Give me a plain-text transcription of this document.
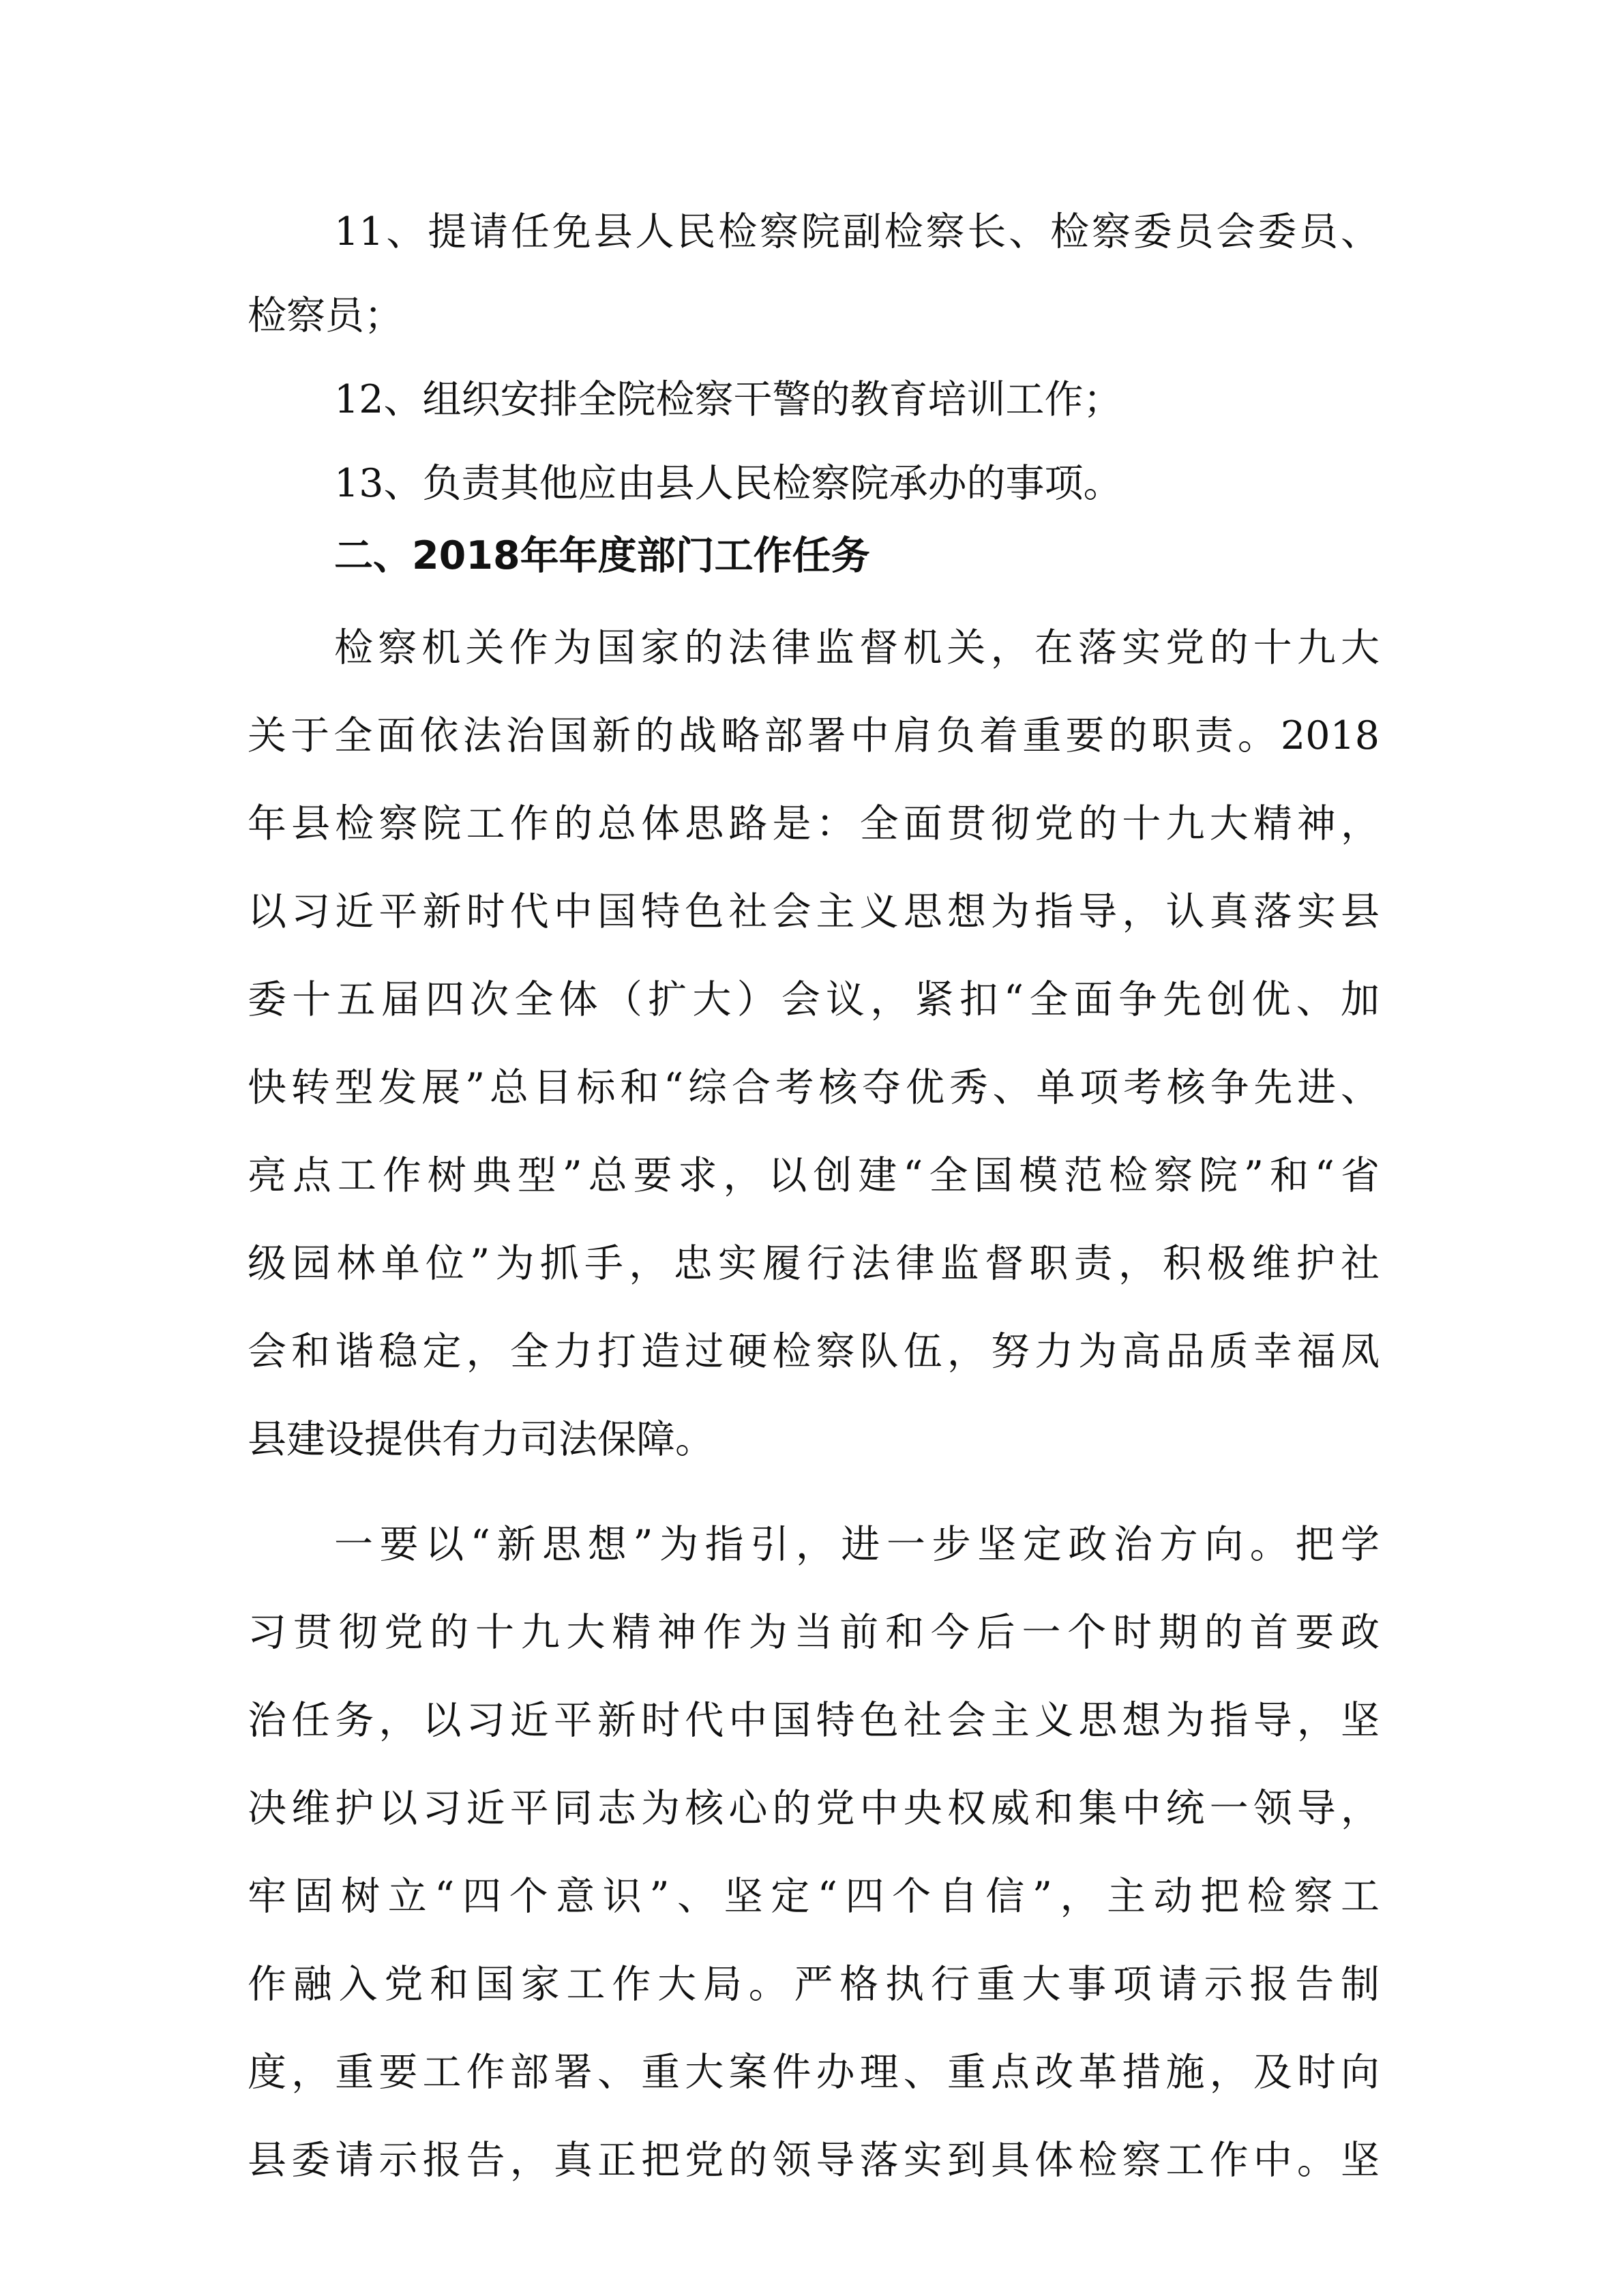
11、提请任免县人民检察院副检察长、检察委员会委员、
检察员；
12、组织安排全院检察干警的教育培训工作；
13、负责其他应由县人民检察院承办的事项。
二、2018年年度部门工作任务
检察机关作为国家的法律监督机关，在落实党的十九大
关于全面依法治国新的战略部署中肩负着重要的职责。2018
年县检察院工作的总体思路是：全面贯彻党的十九大精神，
以习近平新时代中国特色社会主义思想为指导，认真落实县
委十五届四次全体（扩大）会议，紧扣“全面争先创优、加
快转型发展”总目标和“综合考核夺优秀、单项考核争先进、
亮点工作树典型”总要求，以创建“全国模范检察院”和“省
级园林单位”为抓手，忠实履行法律监督职责，积极维护社
会和谐稳定，全力打造过硬检察队伍，努力为高品质幸福凤
县建设提供有力司法保障。
一要以“新思想”为指引，进一步坚定政治方向。把学
习贯彻党的十九大精神作为当前和今后一个时期的首要政
治任务，以习近平新时代中国特色社会主义思想为指导，坚
决维护以习近平同志为核心的党中央权威和集中统一领导，
牢固树立“四个意识”、坚定“四个自信”，主动把检察工
作融入党和国家工作大局。严格执行重大事项请示报告制
度，重要工作部署、重大案件办理、重点改革措施，及时向
县委请示报告，真正把党的领导落实到具体检察工作中。坚
